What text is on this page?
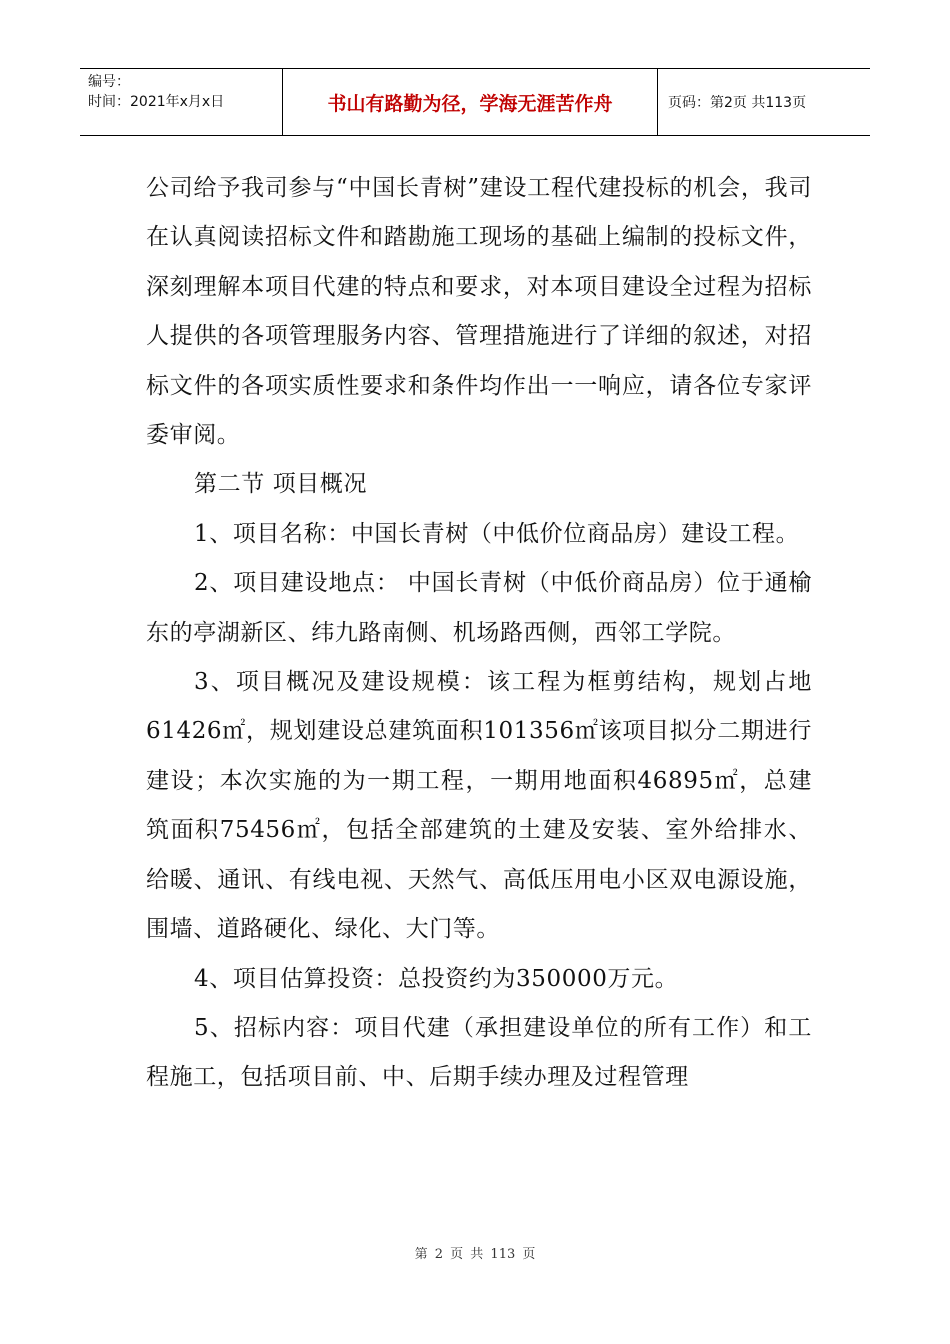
编号：
时间：2021年x月x日	书山有路勤为径，学海无涯苦作舟	页码：第2页 共113页

公司给予我司参与“中国长青树”建设工程代建投标的机会，我司在认真阅读招标文件和踏勘施工现场的基础上编制的投标文件，深刻理解本项目代建的特点和要求，对本项目建设全过程为招标人提供的各项管理服务内容、管理措施进行了详细的叙述，对招标文件的各项实质性要求和条件均作出一一响应，请各位专家评委审阅。

第二节 项目概况

1、项目名称：中国长青树（中低价位商品房）建设工程。

2、项目建设地点： 中国长青树（中低价商品房）位于通榆东的亭湖新区、纬九路南侧、机场路西侧，西邻工学院。

3、项目概况及建设规模：该工程为框剪结构，规划占地61426㎡，规划建设总建筑面积101356㎡该项目拟分二期进行建设；本次实施的为一期工程，一期用地面积46895㎡，总建筑面积75456㎡，包括全部建筑的土建及安装、室外给排水、给暖、通讯、有线电视、天然气、高低压用电小区双电源设施，围墙、道路硬化、绿化、大门等。

4、项目估算投资：总投资约为350000万元。

5、招标内容：项目代建（承担建设单位的所有工作）和工程施工，包括项目前、中、后期手续办理及过程管理

第 2 页 共 113 页
